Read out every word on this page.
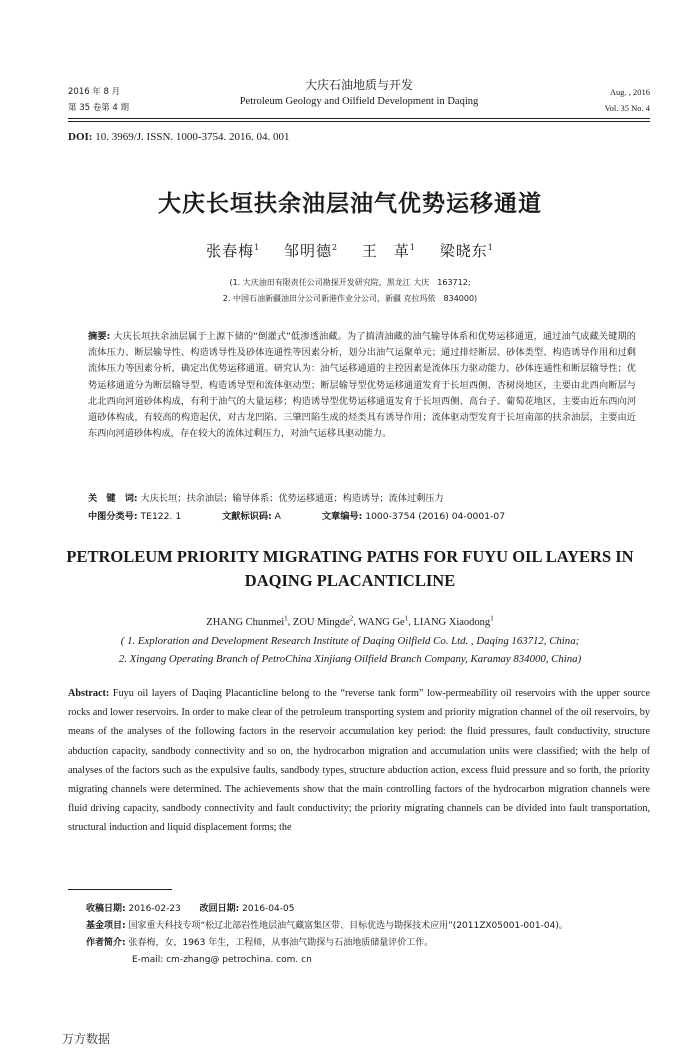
2016 年 8 月
第 35 卷第 4 期
大庆石油地质与开发
Petroleum Geology and Oilfield Development in Daqing
Aug. , 2016
Vol. 35 No. 4
DOI: 10. 3969/J. ISSN. 1000-3754. 2016. 04. 001
大庆长垣扶余油层油气优势运移通道
张春梅$^1$ 邹明德$^2$ 王　革$^1$ 梁晓东$^1$
(1. 大庆油田有限责任公司勘探开发研究院，黑龙江 大庆　163712;
2. 中国石油新疆油田分公司新港作业分公司，新疆 克拉玛依　834000)
摘要: 大庆长垣扶余油层属于上源下储的“倒灌式”低渗透油藏。为了搞清油藏的油气输导体系和优势运移通道，通过油气成藏关键期的流体压力、断层输导性、构造诱导性及砂体连通性等因素分析，划分出油气运聚单元；通过排烃断层、砂体类型、构造诱导作用和过剩流体压力等因素分析，确定出优势运移通道。研究认为：油气运移通道的主控因素是流体压力驱动能力、砂体连通性和断层输导性；优势运移通道分为断层输导型、构造诱导型和流体驱动型；断层输导型优势运移通道发育于长垣西侧、杏树岗地区，主要由北西向断层与北北西向河道砂体构成，有利于油气的大量运移；构造诱导型优势运移通道发育于长垣西侧、高台子、葡萄花地区，主要由近东西向河道砂体构成，有较高的构造起伏，对古龙凹陷、三肇凹陷生成的烃类具有诱导作用；流体驱动型发育于长垣南部的扶余油层，主要由近东西向河道砂体构成，存在较大的流体过剩压力，对油气运移具驱动能力。
关　键　词: 大庆长垣；扶余油层；输导体系；优势运移通道；构造诱导；流体过剩压力
中图分类号: TE122. 1	文献标识码: A	文章编号: 1000-3754 (2016) 04-0001-07
PETROLEUM PRIORITY MIGRATING PATHS FOR FUYU OIL LAYERS IN DAQING PLACANTICLINE
ZHANG Chunmei$^1$, ZOU Mingde$^2$, WANG Ge$^1$, LIANG Xiaodong$^1$
( 1. Exploration and Development Research Institute of Daqing Oilfield Co. Ltd. , Daqing 163712, China;
2. Xingang Operating Branch of PetroChina Xinjiang Oilfield Branch Company, Karamay 834000, China)
Abstract: Fuyu oil layers of Daqing Placanticline belong to the “reverse tank form” low-permeability oil reservoirs with the upper source rocks and lower reservoirs. In order to make clear of the petroleum transporting system and priority migration channel of the oil reservoirs, by means of the analyses of the following factors in the reservoir accumulation key period: the fluid pressures, fault conductivity, structure abduction capacity, sandbody connectivity and so on, the hydrocarbon migration and accumulation units were classified; with the help of analyses of the factors such as the expulsive faults, sandbody types, structure abduction action, excess fluid pressure and so forth, the priority migrating channels were determined. The achievements show that the main controlling factors of the hydrocarbon migration channels were fluid driving capacity, sandbody connectivity and fault conductivity; the priority migrating channels can be divided into fault transportation, structural induction and liquid displacement forms; the
收稿日期: 2016-02-23 改回日期: 2016-04-05
基金项目: 国家重大科技专项“松辽北部岩性地层油气藏富集区带、目标优选与勘探技术应用”(2011ZX05001-001-04)。
作者简介: 张春梅，女，1963 年生，工程师，从事油气勘探与石油地质储量评价工作。
E-mail: cm-zhang@ petrochina. com. cn
万方数据
